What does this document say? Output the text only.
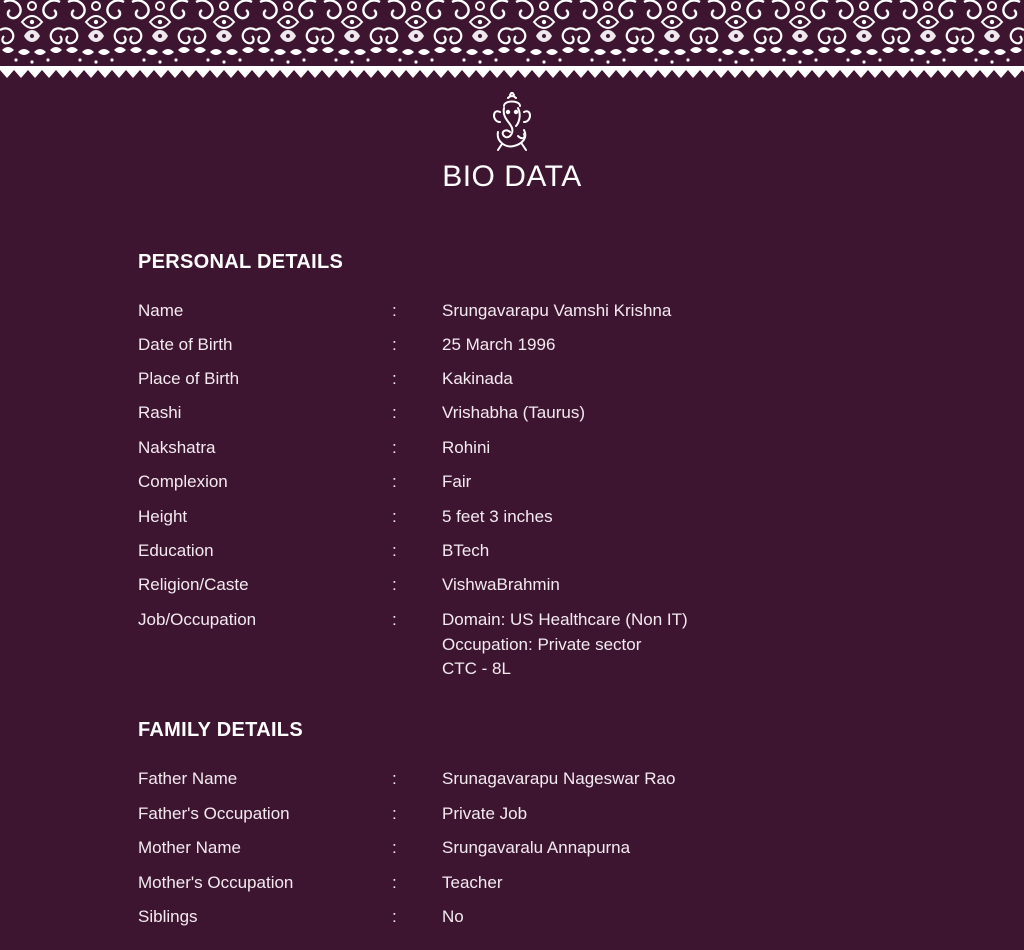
BIO DATA
PERSONAL DETAILS
Name	:	Srungavarapu Vamshi Krishna
Date of Birth	:	25 March 1996
Place of Birth	:	Kakinada
Rashi	:	Vrishabha (Taurus)
Nakshatra	:	Rohini
Complexion	:	Fair
Height	:	5 feet 3 inches
Education	:	BTech
Religion/Caste	:	VishwaBrahmin
Job/Occupation	:	Domain: US Healthcare (Non IT)
Occupation: Private sector
CTC - 8L
FAMILY DETAILS
Father Name	:	Srunagavarapu Nageswar Rao
Father's Occupation	:	Private Job
Mother Name	:	Srungavaralu Annapurna
Mother's Occupation	:	Teacher
Siblings	:	No
